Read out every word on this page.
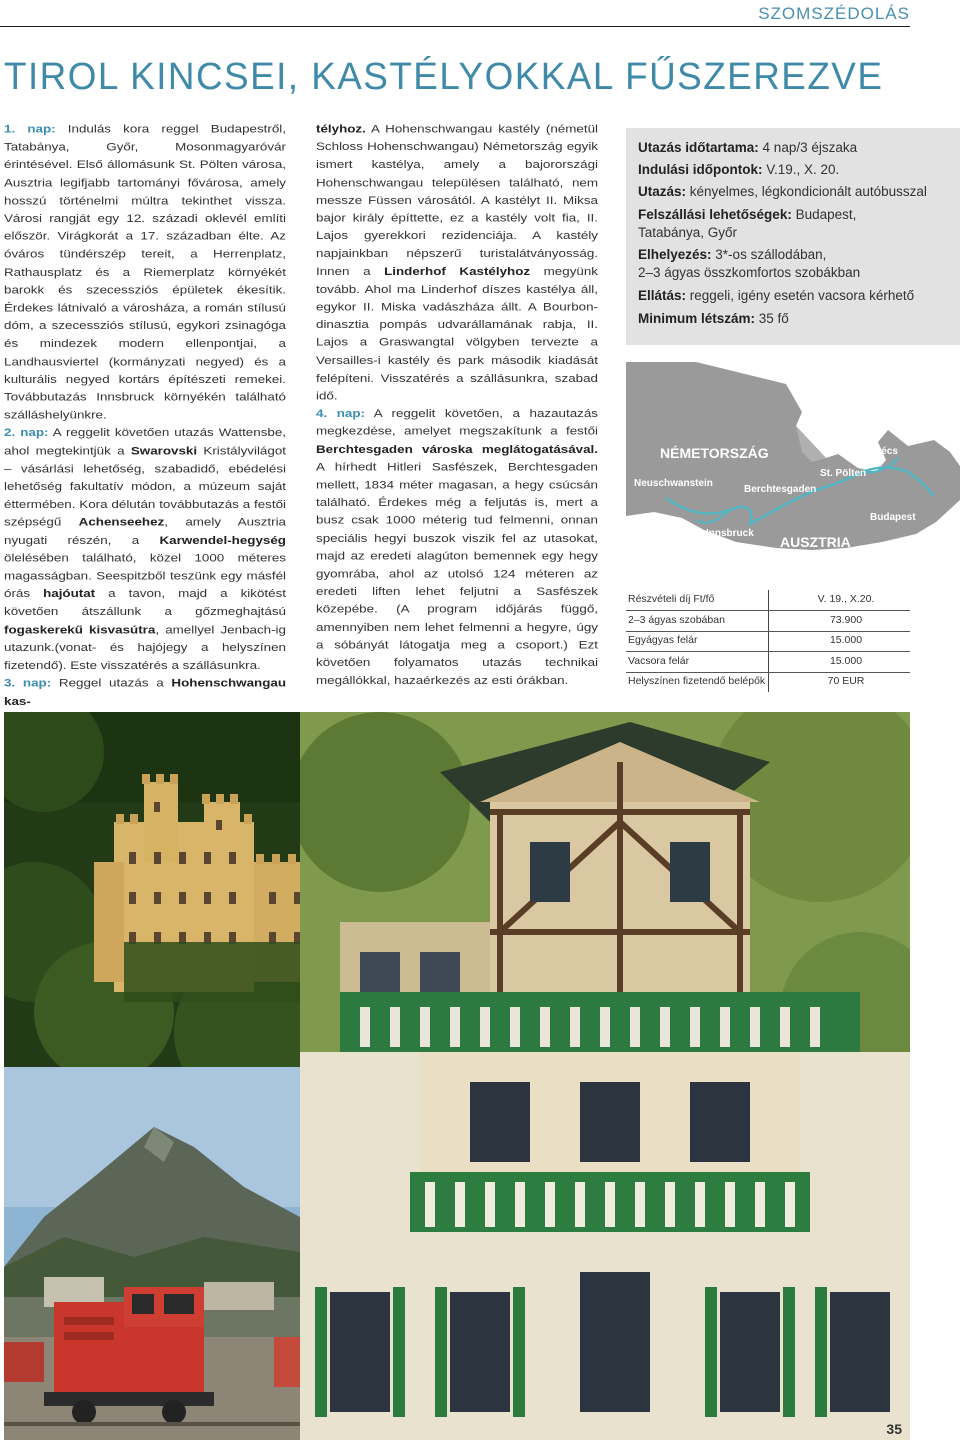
SZOMSZÉDOLÁS
TIROL KINCSEI, KASTÉLYOKKAL FŰSZEREZVE

1. nap: Indulás kora reggel Budapestről, Tatabánya, Győr, Mosonmagyaróvár érintésével. Első állomásunk St. Pölten városa, Ausztria legifjabb tartományi fővárosa, amely hosszú történelmi múltra tekinthet vissza. Városi rangját egy 12. századi oklevél említi először. Virágkorát a 17. században élte. Az óváros tündérszép tereit, a Herrenplatz, Rathausplatz és a Riemerplatz környékét barokk és szecessziós épületek ékesítik. Érdekes látnivaló a városháza, a román stílusú dóm, a szecessziós stílusú, egykori zsinagóga és mindezek modern ellenpontjai, a Landhausviertel (kormányzati negyed) és a kulturális negyed kortárs építészeti remekei. Továbbutazás Innsbruck környékén található szálláshelyünkre.

2. nap: A reggelit követően utazás Wattensbe, ahol megtekintjük a Swarovski Kristályvilágot – vásárlási lehetőség, szabadidő, ebédelési lehetőség fakultatív módon, a múzeum saját éttermében. Kora délután továbbutazás a festői szépségű Achenseehez, amely Ausztria nyugati részén, a Karwendel-hegység ölelésében található, közel 1000 méteres magasságban. Seespitzből teszünk egy másfél órás hajóutat a tavon, majd a kikötést követően átszállunk a gőzmeghajtású fogaskerekű kisvasútra, amellyel Jenbach-ig utazunk.(vonat- és hajójegy a helyszínen fizetendő). Este visszatérés a szállásunkra.

3. nap: Reggel utazás a Hohenschwangau kas-

télyhoz. A Hohenschwangau kastély (németül Schloss Hohenschwangau) Németország egyik ismert kastélya, amely a bajorországi Hohenschwangau településen található, nem messze Füssen városától. A kastélyt II. Miksa bajor király építtette, ez a kastély volt fia, II. Lajos gyerekkori rezidenciája. A kastély napjainkban népszerű turistalátványosság. Innen a Linderhof Kastélyhoz megyünk tovább. Ahol ma Linderhof díszes kastélya áll, egykor II. Miska vadászháza állt. A Bourbon-dinasztia pompás udvarállamának rabja, II. Lajos a Graswangtal völgyben tervezte a Versailles-i kastély és park második kiadását felépíteni. Visszatérés a szállásunkra, szabad idő.

4. nap: A reggelit követően, a hazautazás megkezdése, amelyet megszakítunk a festői Berchtesgaden városka meglátogatásával. A hírhedt Hitleri Sasfészek, Berchtesgaden mellett, 1834 méter magasan, a hegy csúcsán található. Érdekes még a feljutás is, mert a busz csak 1000 méterig tud felmenni, onnan speciális hegyi buszok viszik fel az utasokat, majd az eredeti alagúton bemennek egy hegy gyomrába, ahol az utolsó 124 méteren az eredeti liften lehet feljutni a Sasfészek közepébe. (A program időjárás függő, amennyiben nem lehet felmenni a hegyre, úgy a sóbányát látogatja meg a csoport.) Ezt követően folyamatos utazás technikai megállókkal, hazaérkezés az esti órákban.

Utazás időtartama: 4 nap/3 éjszaka
Indulási időpontok: V.19., X. 20.
Utazás: kényelmes, légkondicionált autóbusszal
Felszállási lehetőségek: Budapest,
Tatabánya, Győr
Elhelyezés: 3*-os szállodában,
2–3 ágyas összkomfortos szobákban
Ellátás: reggeli, igény esetén vacsora kérhető
Minimum létszám: 35 fő
NÉMETORSZÁG
AUSZTRIA
Neuschwanstein
Berchtesgaden
St. Pölten
Bécs
Budapest
Innsbruck
Részvételi díj Ft/fő	V. 19., X.20.
2–3 ágyas szobában	73.900
Egyágyas felár	15.000
Vacsora felár	15.000
Helyszínen fizetendő belépők	70 EUR
35
